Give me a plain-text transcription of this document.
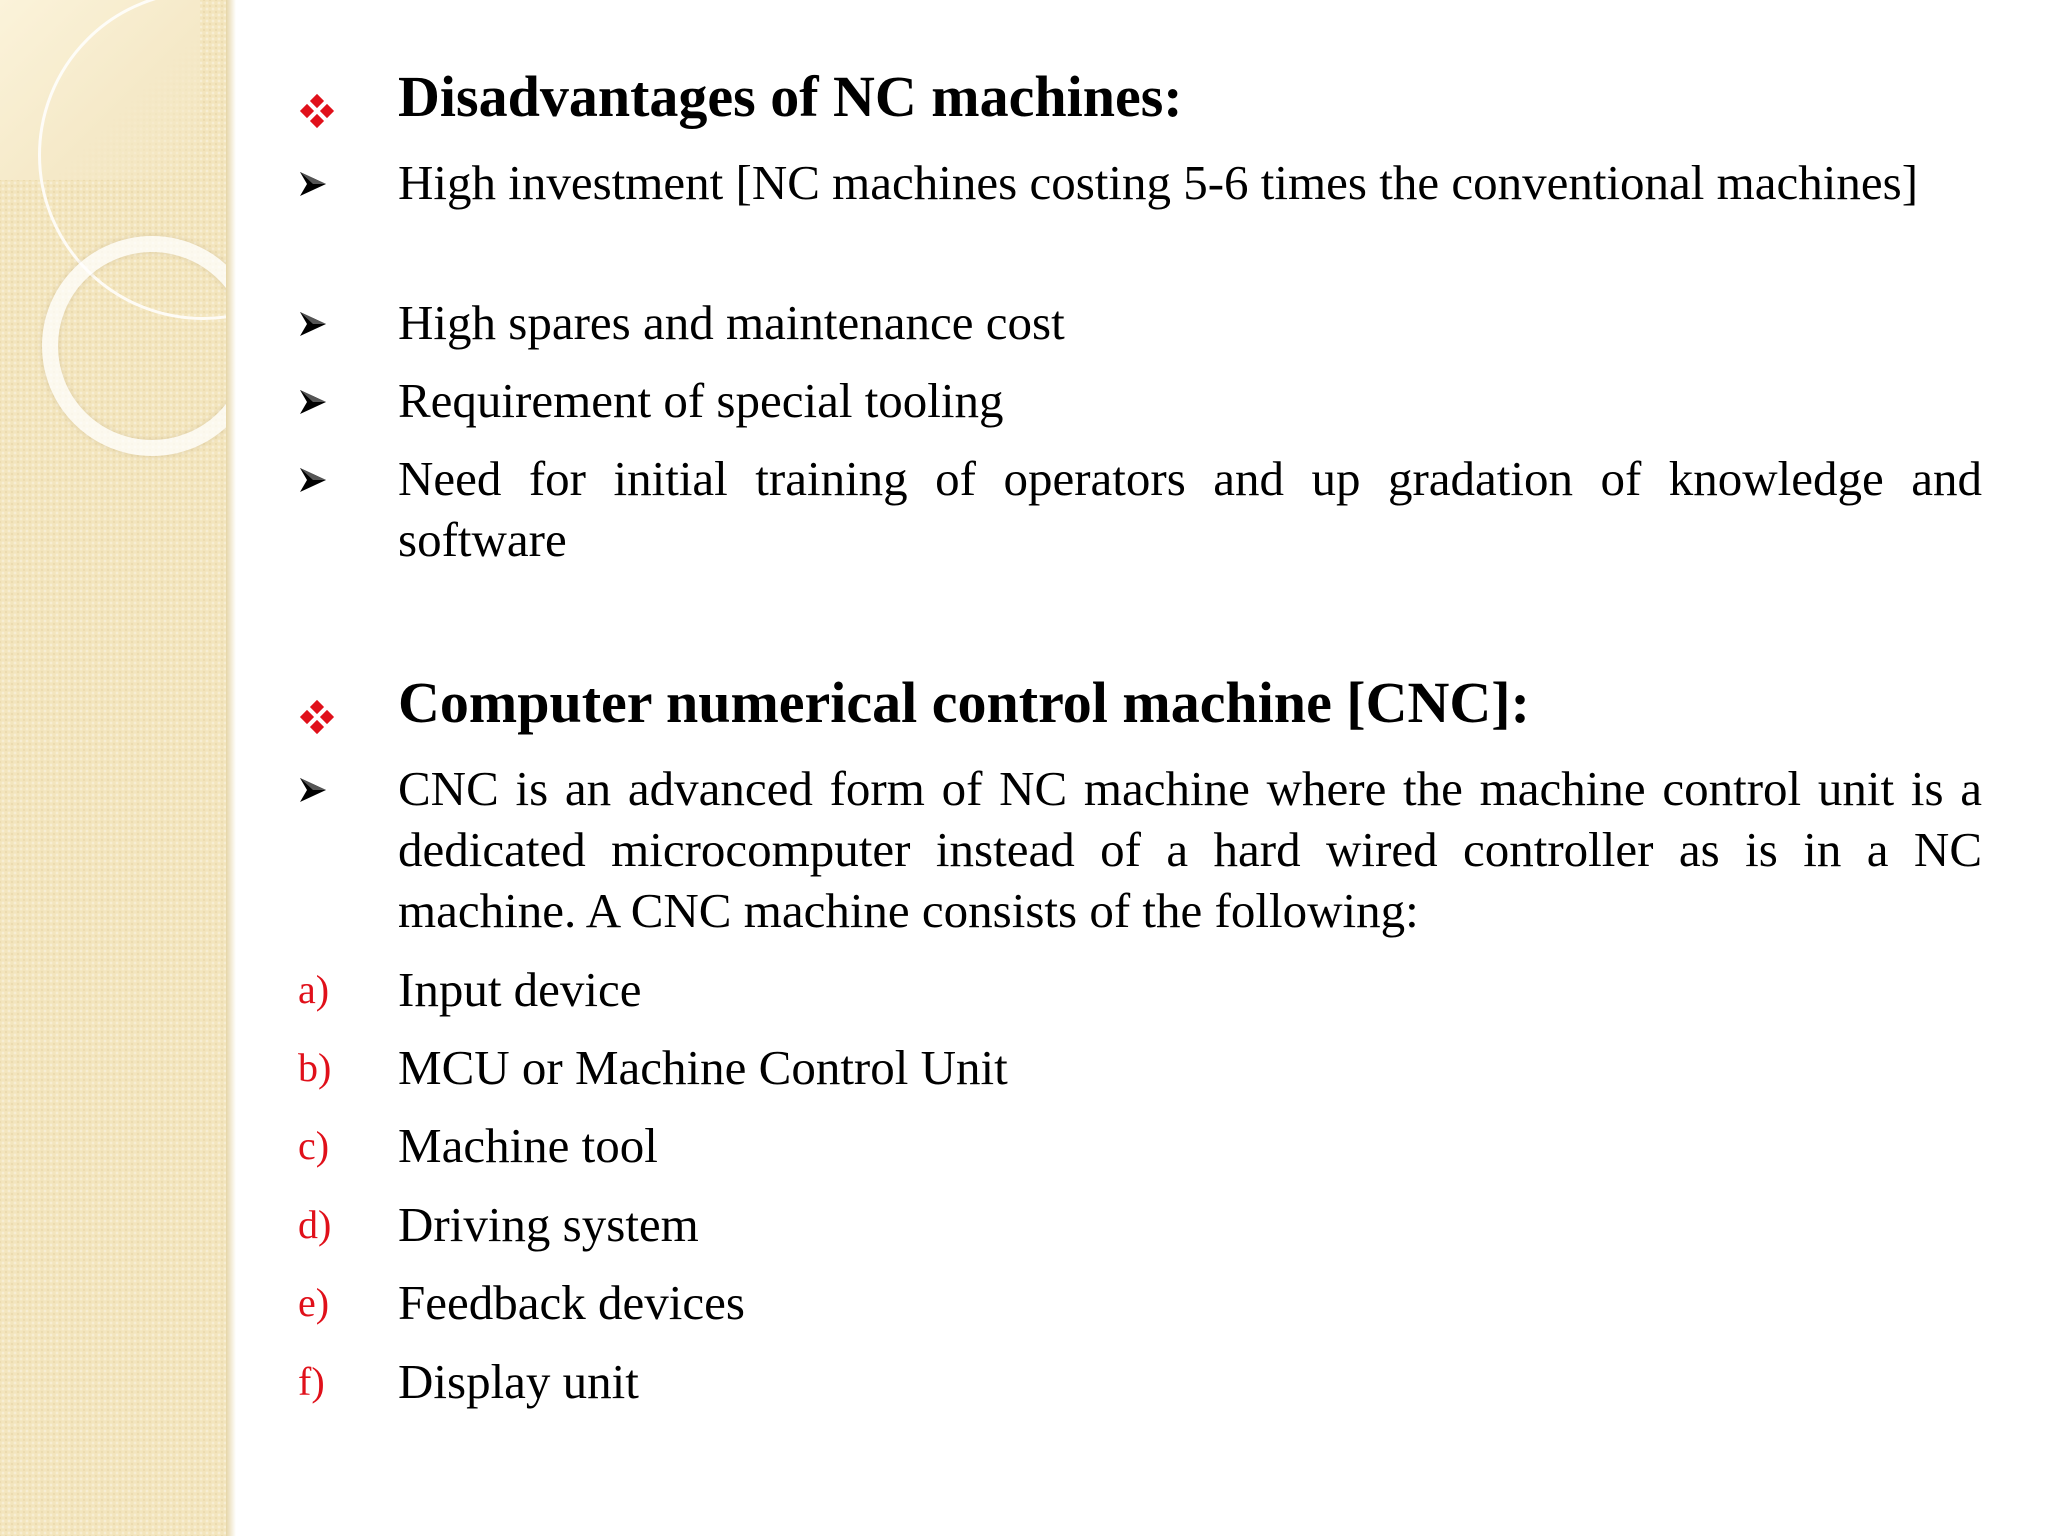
Disadvantages of NC machines:
High investment [NC machines costing 5-6 times the conventional machines]
High spares and maintenance cost
Requirement of special tooling
Need for initial training of operators and up gradation of knowledge and software
Computer numerical control machine [CNC]:
CNC is an advanced form of NC machine where the machine control unit is a dedicated microcomputer instead of a hard wired controller as is in a NC machine. A CNC machine consists of the following:
a) Input device
b) MCU or Machine Control Unit
c) Machine tool
d) Driving system
e) Feedback devices
f) Display unit
